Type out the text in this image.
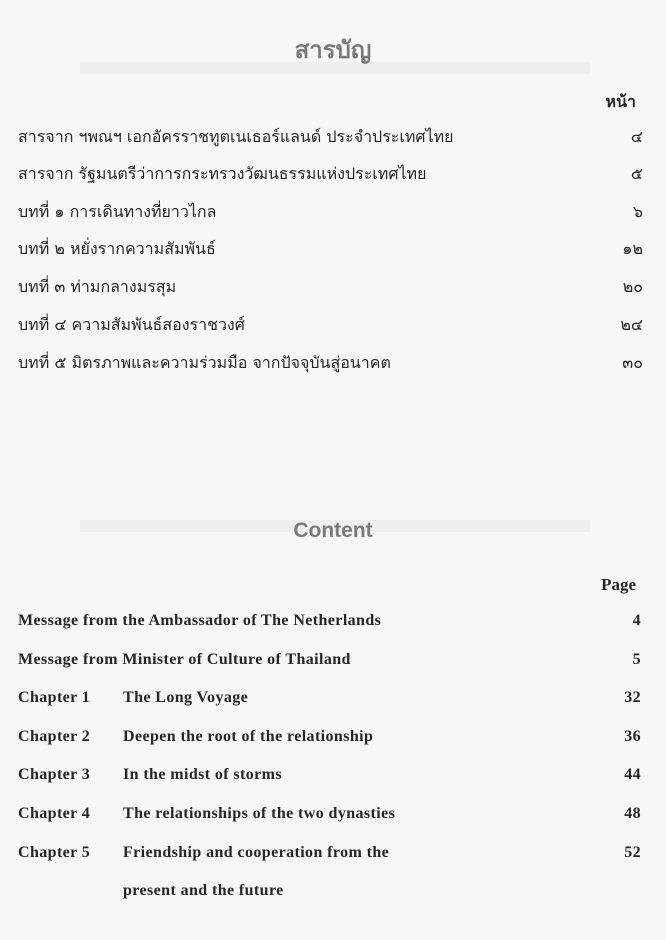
สารบัญ
หน้า
สารจาก ฯพณฯ เอกอัครราชทูตเนเธอร์แลนด์ ประจำประเทศไทย	๔
สารจาก รัฐมนตรีว่าการกระทรวงวัฒนธรรมแห่งประเทศไทย	๕
บทที่ ๑ การเดินทางที่ยาวไกล	๖
บทที่ ๒ หยั่งรากความสัมพันธ์	๑๒
บทที่ ๓ ท่ามกลางมรสุม	๒๐
บทที่ ๔ ความสัมพันธ์สองราชวงศ์	๒๔
บทที่ ๕ มิตรภาพและความร่วมมือ จากปัจจุบันสู่อนาคต	๓๐
Content
Page
Message from the Ambassador of The Netherlands	4
Message from Minister of Culture of Thailand	5
Chapter 1 The Long Voyage	32
Chapter 2 Deepen the root of the relationship	36
Chapter 3 In the midst of storms	44
Chapter 4 The relationships of the two dynasties	48
Chapter 5 Friendship and cooperation from the	52
present and the future
